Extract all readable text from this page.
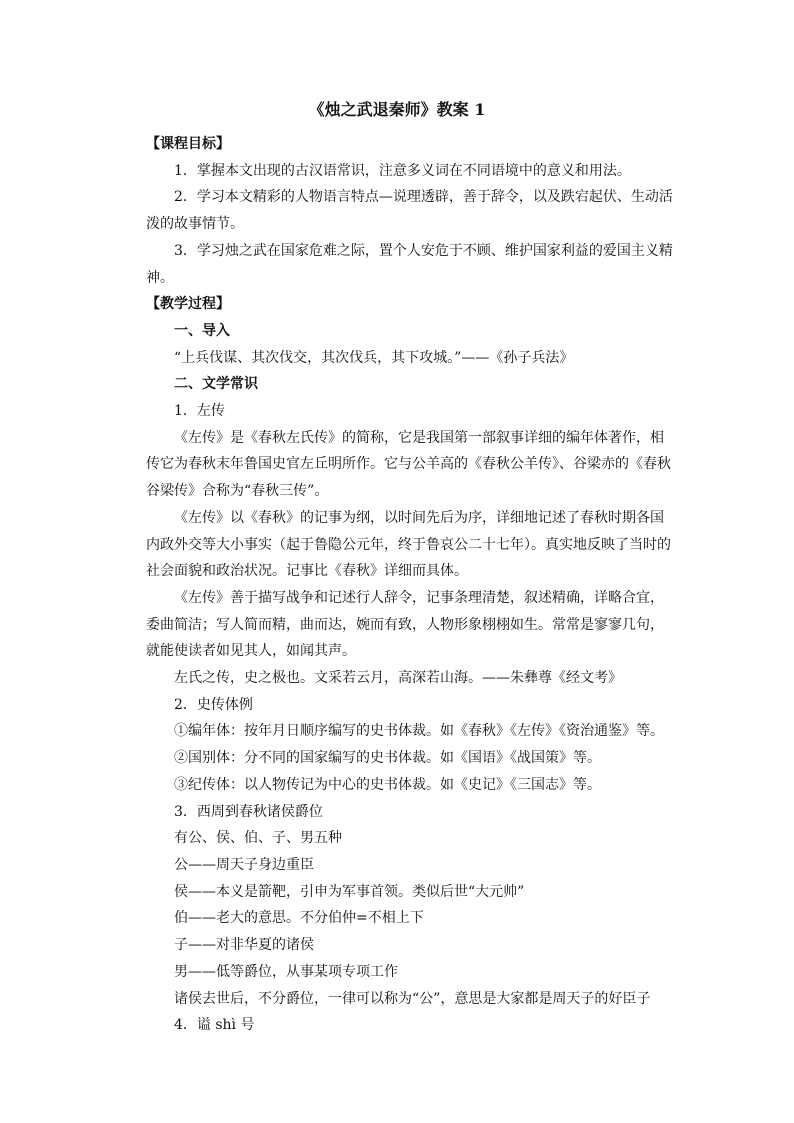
《烛之武退秦师》教案 1

【课程目标】

1．掌握本文出现的古汉语常识，注意多义词在不同语境中的意义和用法。

2．学习本文精彩的人物语言特点—说理透辟，善于辞令，以及跌宕起伏、生动活泼的故事情节。

3．学习烛之武在国家危难之际，置个人安危于不顾、维护国家利益的爱国主义精神。

【教学过程】

一、导入

“上兵伐谋、其次伐交，其次伐兵，其下攻城。”——《孙子兵法》

二、文学常识

1．左传

《左传》是《春秋左氏传》的简称，它是我国第一部叙事详细的编年体著作，相传它为春秋末年鲁国史官左丘明所作。它与公羊高的《春秋公羊传》、谷梁赤的《春秋谷梁传》合称为“春秋三传”。

《左传》以《春秋》的记事为纲，以时间先后为序，详细地记述了春秋时期各国内政外交等大小事实（起于鲁隐公元年，终于鲁哀公二十七年）。真实地反映了当时的社会面貌和政治状况。记事比《春秋》详细而具体。

《左传》善于描写战争和记述行人辞令，记事条理清楚，叙述精确，详略合宜，委曲简洁；写人简而精，曲而达，婉而有致，人物形象栩栩如生。常常是寥寥几句，就能使读者如见其人，如闻其声。

左氏之传，史之极也。文采若云月，高深若山海。——朱彝尊《经文考》

2．史传体例

①编年体：按年月日顺序编写的史书体裁。如《春秋》《左传》《资治通鉴》等。

②国别体：分不同的国家编写的史书体裁。如《国语》《战国策》等。

③纪传体：以人物传记为中心的史书体裁。如《史记》《三国志》等。

3．西周到春秋诸侯爵位

有公、侯、伯、子、男五种

公——周天子身边重臣

侯——本义是箭靶，引申为军事首领。类似后世“大元帅”

伯——老大的意思。不分伯仲=不相上下

子——对非华夏的诸侯

男——低等爵位，从事某项专项工作

诸侯去世后，不分爵位，一律可以称为“公”，意思是大家都是周天子的好臣子

4．谥 shì 号
